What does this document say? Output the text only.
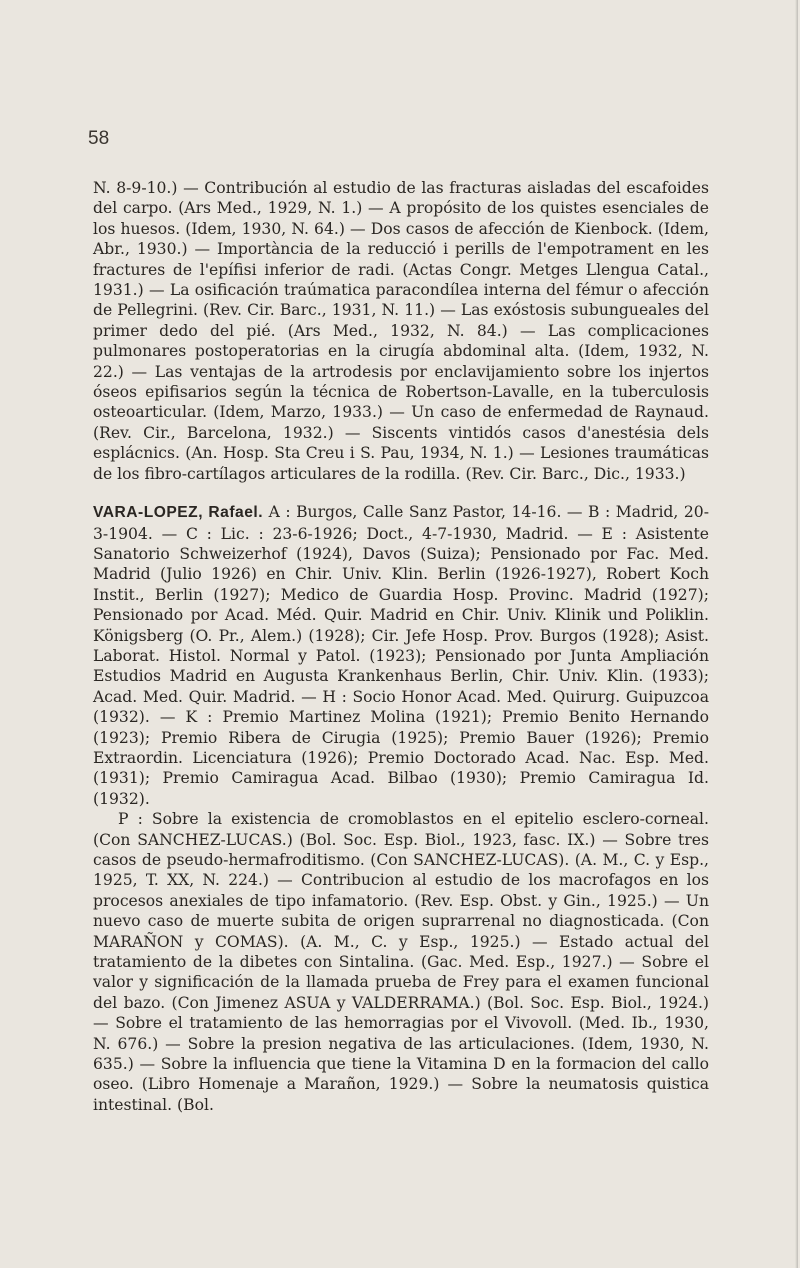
58

N. 8-9-10.) — Contribución al estudio de las fracturas aisladas del escafoides del carpo. (Ars Med., 1929, N. 1.) — A propósito de los quistes esenciales de los huesos. (Idem, 1930, N. 64.) — Dos casos de afección de Kienbock. (Idem, Abr., 1930.) — Importància de la reducció i perills de l'empotrament en les fractures de l'epífisi inferior de radi. (Actas Congr. Metges Llengua Catal., 1931.) — La osificación traúmatica paracondílea interna del fémur o afección de Pellegrini. (Rev. Cir. Barc., 1931, N. 11.) — Las exóstosis subungueales del primer dedo del pié. (Ars Med., 1932, N. 84.) — Las complicaciones pulmonares postoperatorias en la cirugía abdominal alta. (Idem, 1932, N. 22.) — Las ventajas de la artrodesis por enclavijamiento sobre los injertos óseos epifisarios según la técnica de Robertson-Lavalle, en la tuberculosis osteoarticular. (Idem, Marzo, 1933.) — Un caso de enfermedad de Raynaud. (Rev. Cir., Barcelona, 1932.) — Siscents vintidós casos d'anestésia dels esplácnics. (An. Hosp. Sta Creu i S. Pau, 1934, N. 1.) — Lesiones traumáticas de los fibro-cartílagos articulares de la rodilla. (Rev. Cir. Barc., Dic., 1933.)

VARA-LOPEZ, Rafael. A : Burgos, Calle Sanz Pastor, 14-16. — B : Madrid, 20-3-1904. — C : Lic. : 23-6-1926; Doct., 4-7-1930, Madrid. — E : Asistente Sanatorio Schweizerhof (1924), Davos (Suiza); Pensionado por Fac. Med. Madrid (Julio 1926) en Chir. Univ. Klin. Berlin (1926-1927), Robert Koch Instit., Berlin (1927); Medico de Guardia Hosp. Provinc. Madrid (1927); Pensionado por Acad. Méd. Quir. Madrid en Chir. Univ. Klinik und Poliklin. Königsberg (O. Pr., Alem.) (1928); Cir. Jefe Hosp. Prov. Burgos (1928); Asist. Laborat. Histol. Normal y Patol. (1923); Pensionado por Junta Ampliación Estudios Madrid en Augusta Krankenhaus Berlin, Chir. Univ. Klin. (1933); Acad. Med. Quir. Madrid. — H : Socio Honor Acad. Med. Quirurg. Guipuzcoa (1932). — K : Premio Martinez Molina (1921); Premio Benito Hernando (1923); Premio Ribera de Cirugia (1925); Premio Bauer (1926); Premio Extraordin. Licenciatura (1926); Premio Doctorado Acad. Nac. Esp. Med. (1931); Premio Camiragua Acad. Bilbao (1930); Premio Camiragua Id. (1932).

P : Sobre la existencia de cromoblastos en el epitelio esclero-corneal. (Con SANCHEZ-LUCAS.) (Bol. Soc. Esp. Biol., 1923, fasc. IX.) — Sobre tres casos de pseudo-hermafroditismo. (Con SANCHEZ-LUCAS). (A. M., C. y Esp., 1925, T. XX, N. 224.) — Contribucion al estudio de los macrofagos en los procesos anexiales de tipo infamatorio. (Rev. Esp. Obst. y Gin., 1925.) — Un nuevo caso de muerte subita de origen suprarrenal no diagnosticada. (Con MARAÑON y COMAS). (A. M., C. y Esp., 1925.) — Estado actual del tratamiento de la dibetes con Sintalina. (Gac. Med. Esp., 1927.) — Sobre el valor y significación de la llamada prueba de Frey para el examen funcional del bazo. (Con Jimenez ASUA y VALDERRAMA.) (Bol. Soc. Esp. Biol., 1924.) — Sobre el tratamiento de las hemorragias por el Vivovoll. (Med. Ib., 1930, N. 676.) — Sobre la presion negativa de las articulaciones. (Idem, 1930, N. 635.) — Sobre la influencia que tiene la Vitamina D en la formacion del callo oseo. (Libro Homenaje a Marañon, 1929.) — Sobre la neumatosis quistica intestinal. (Bol.
